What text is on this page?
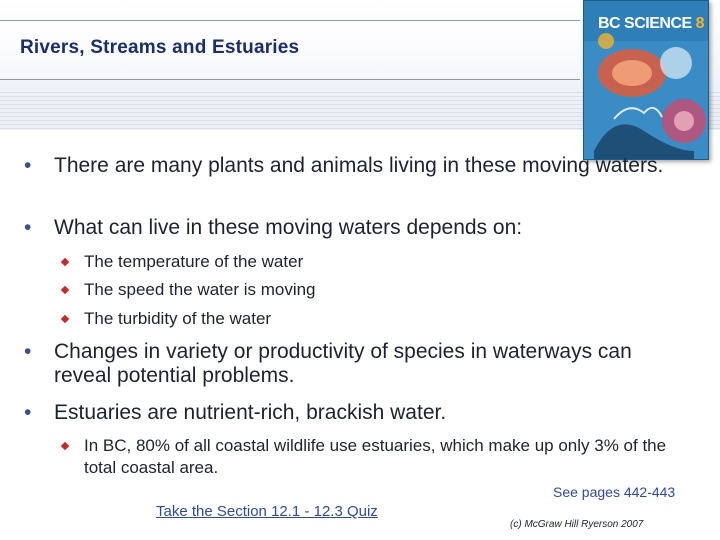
Rivers, Streams and Estuaries
BC SCIENCE 8
•	There are many plants and animals living in these moving waters.
•	What can live in these moving waters depends on:
The temperature of the water
The speed the water is moving
The turbidity of the water
•	Changes in variety or productivity of species in waterways can reveal potential problems.
•	Estuaries are nutrient-rich, brackish water.
In BC, 80% of all coastal wildlife use estuaries, which make up only 3% of the total coastal area.
See pages 442-443
Take the Section 12.1 - 12.3 Quiz
(c) McGraw Hill Ryerson 2007
